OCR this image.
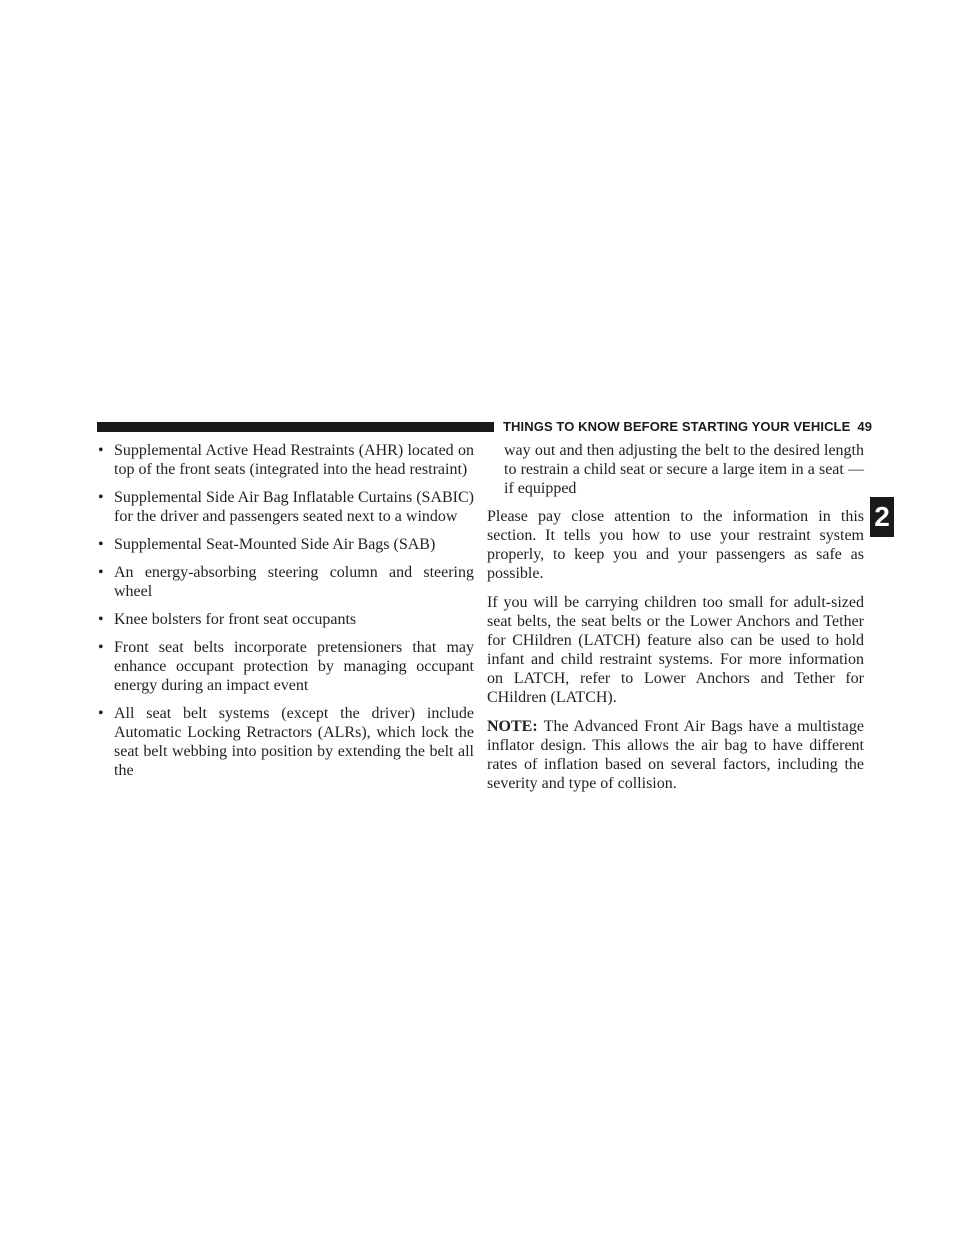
THINGS TO KNOW BEFORE STARTING YOUR VEHICLE 49
2
• Supplemental Active Head Restraints (AHR) located on top of the front seats (integrated into the head restraint)
• Supplemental Side Air Bag Inflatable Curtains (SABIC) for the driver and passengers seated next to a window
• Supplemental Seat-Mounted Side Air Bags (SAB)
• An energy-absorbing steering column and steering wheel
• Knee bolsters for front seat occupants
• Front seat belts incorporate pretensioners that may enhance occupant protection by managing occupant energy during an impact event
• All seat belt systems (except the driver) include Automatic Locking Retractors (ALRs), which lock the seat belt webbing into position by extending the belt all the
way out and then adjusting the belt to the desired length to restrain a child seat or secure a large item in a seat — if equipped

Please pay close attention to the information in this section. It tells you how to use your restraint system properly, to keep you and your passengers as safe as possible.

If you will be carrying children too small for adult-sized seat belts, the seat belts or the Lower Anchors and Tether for CHildren (LATCH) feature also can be used to hold infant and child restraint systems. For more information on LATCH, refer to Lower Anchors and Tether for CHildren (LATCH).

NOTE: The Advanced Front Air Bags have a multistage inflator design. This allows the air bag to have different rates of inflation based on several factors, including the severity and type of collision.
